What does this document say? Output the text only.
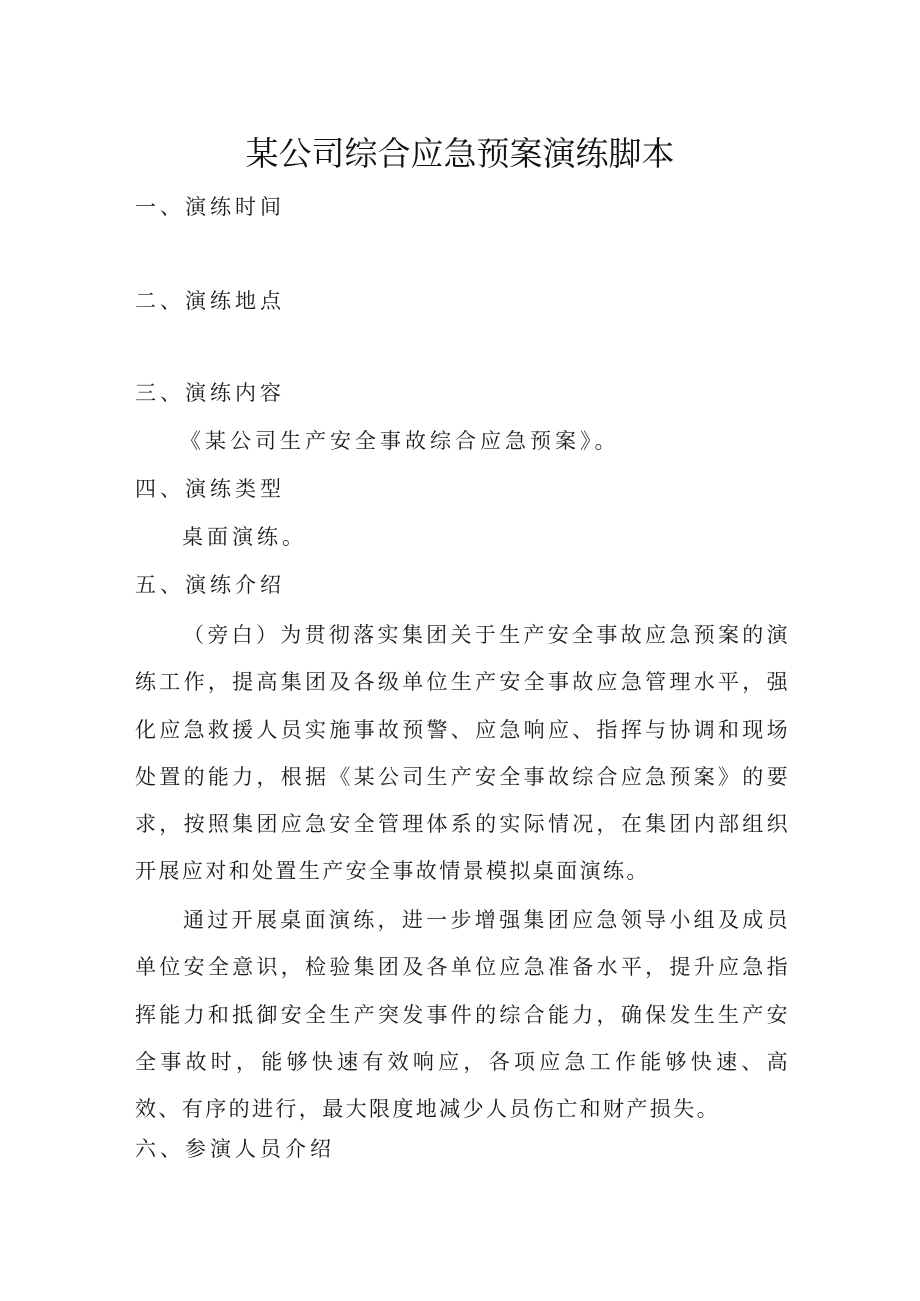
某公司综合应急预案演练脚本
一、演练时间
二、演练地点
三、演练内容
《某公司生产安全事故综合应急预案》。
四、演练类型
桌面演练。
五、演练介绍
（旁白）为贯彻落实集团关于生产安全事故应急预案的演练工作，提高集团及各级单位生产安全事故应急管理水平，强化应急救援人员实施事故预警、应急响应、指挥与协调和现场处置的能力，根据《某公司生产安全事故综合应急预案》的要求，按照集团应急安全管理体系的实际情况，在集团内部组织开展应对和处置生产安全事故情景模拟桌面演练。
通过开展桌面演练，进一步增强集团应急领导小组及成员单位安全意识，检验集团及各单位应急准备水平，提升应急指挥能力和抵御安全生产突发事件的综合能力，确保发生生产安全事故时，能够快速有效响应，各项应急工作能够快速、高效、有序的进行，最大限度地减少人员伤亡和财产损失。
六、参演人员介绍
